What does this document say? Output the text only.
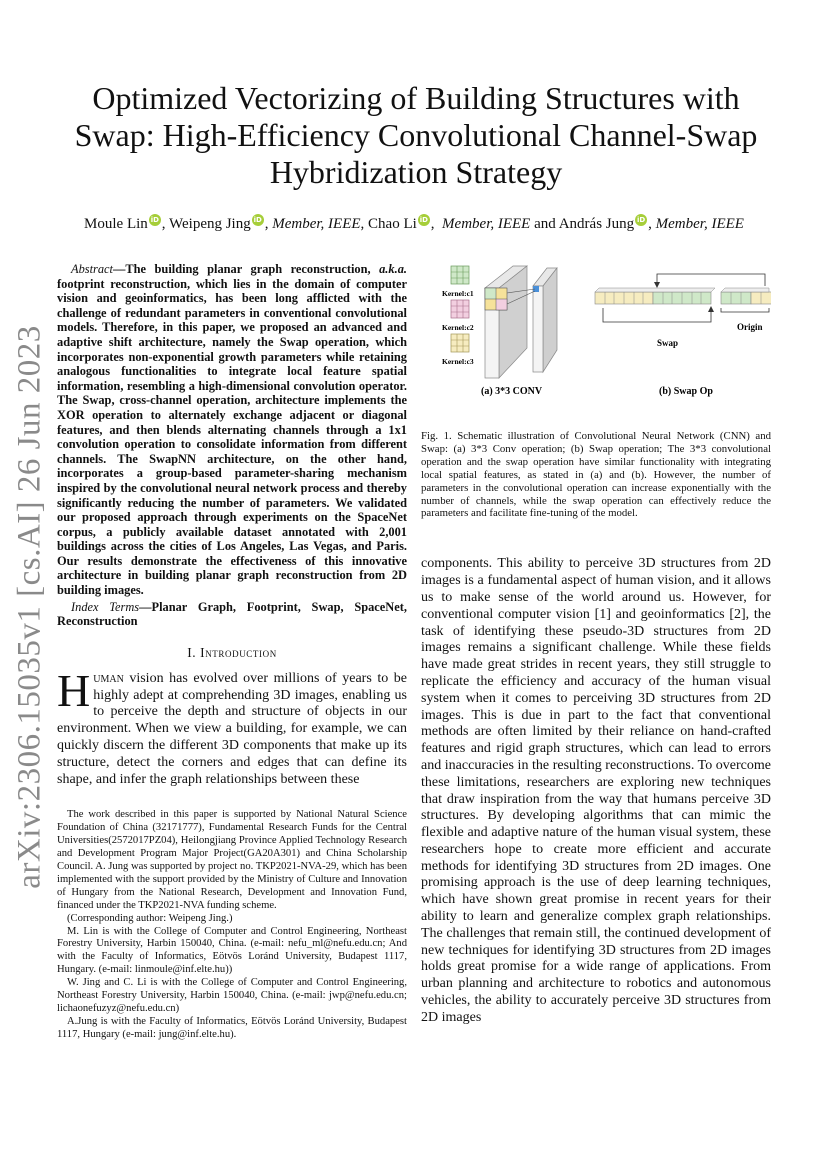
arXiv:2306.15035v1 [cs.AI] 26 Jun 2023
Optimized Vectorizing of Building Structures with
Swap: High-Efficiency Convolutional Channel-Swap
Hybridization Strategy
Moule Lin iD , Weipeng Jing iD , Member, IEEE, Chao Li iD ,  Member, IEEE and András Jung iD , Member, IEEE

Abstract—The building planar graph reconstruction, a.k.a. footprint reconstruction, which lies in the domain of computer vision and geoinformatics, has been long afflicted with the challenge of redundant parameters in conventional convolutional models. Therefore, in this paper, we proposed an advanced and adaptive shift architecture, namely the Swap operation, which incorporates non-exponential growth parameters while retaining analogous functionalities to integrate local feature spatial information, resembling a high-dimensional convolution operator. The Swap, cross-channel operation, architecture implements the XOR operation to alternately exchange adjacent or diagonal features, and then blends alternating channels through a 1x1 convolution operation to consolidate information from different channels. The SwapNN architecture, on the other hand, incorporates a group-based parameter-sharing mechanism inspired by the convolutional neural network process and thereby significantly reducing the number of parameters. We validated our proposed approach through experiments on the SpaceNet corpus, a publicly available dataset annotated with 2,001 buildings across the cities of Los Angeles, Las Vegas, and Paris. Our results demonstrate the effectiveness of this innovative architecture in building planar graph reconstruction from 2D building images.

Index Terms—Planar Graph, Footprint, Swap, SpaceNet, Reconstruction

I. Introduction

Human vision has evolved over millions of years to be highly adept at comprehending 3D images, enabling us to perceive the depth and structure of objects in our environment. When we view a building, for example, we can quickly discern the different 3D components that make up its structure, detect the corners and edges that can define its shape, and infer the graph relationships between these

The work described in this paper is supported by National Natural Science Foundation of China (32171777), Fundamental Research Funds for the Central Universities(2572017PZ04), Heilongjiang Province Applied Technology Research and Development Program Major Project(GA20A301) and China Scholarship Council. A. Jung was supported by project no. TKP2021-NVA-29, which has been implemented with the support provided by the Ministry of Culture and Innovation of Hungary from the National Research, Development and Innovation Fund, financed under the TKP2021-NVA funding scheme.

(Corresponding author: Weipeng Jing.)

M. Lin is with the College of Computer and Control Engineering, Northeast Forestry University, Harbin 150040, China. (e-mail: nefu_ml@nefu.edu.cn; And with the Faculty of Informatics, Eötvös Loránd University, Budapest 1117, Hungary. (e-mail: linmoule@inf.elte.hu))

W. Jing and C. Li is with the College of Computer and Control Engineering, Northeast Forestry University, Harbin 150040, China. (e-mail: jwp@nefu.edu.cn; lichaonefuzyz@nefu.edu.cn)

A.Jung is with the Faculty of Informatics, Eötvös Loránd University, Budapest 1117, Hungary (e-mail: jung@inf.elte.hu).

Kernel:c1
Kernel:c2
Kernel:c3
Swap
Origin
(a) 3*3 CONV	(b) Swap Op

Fig. 1. Schematic illustration of Convolutional Neural Network (CNN) and Swap: (a) 3*3 Conv operation; (b) Swap operation; The 3*3 convolutional operation and the swap operation have similar functionality with integrating local spatial features, as stated in (a) and (b). However, the number of parameters in the convolutional operation can increase exponentially with the number of channels, while the swap operation can effectively reduce the parameters and facilitate fine-tuning of the model.

components. This ability to perceive 3D structures from 2D images is a fundamental aspect of human vision, and it allows us to make sense of the world around us. However, for conventional computer vision [1] and geoinformatics [2], the task of identifying these pseudo-3D structures from 2D images remains a significant challenge. While these fields have made great strides in recent years, they still struggle to replicate the efficiency and accuracy of the human visual system when it comes to perceiving 3D structures from 2D images. This is due in part to the fact that conventional methods are often limited by their reliance on hand-crafted features and rigid graph structures, which can lead to errors and inaccuracies in the resulting reconstructions. To overcome these limitations, researchers are exploring new techniques that draw inspiration from the way that humans perceive 3D structures. By developing algorithms that can mimic the flexible and adaptive nature of the human visual system, these researchers hope to create more efficient and accurate methods for identifying 3D structures from 2D images. One promising approach is the use of deep learning techniques, which have shown great promise in recent years for their ability to learn and generalize complex graph relationships. The challenges that remain still, the continued development of new techniques for identifying 3D structures from 2D images holds great promise for a wide range of applications. From urban planning and architecture to robotics and autonomous vehicles, the ability to accurately perceive 3D structures from 2D images
